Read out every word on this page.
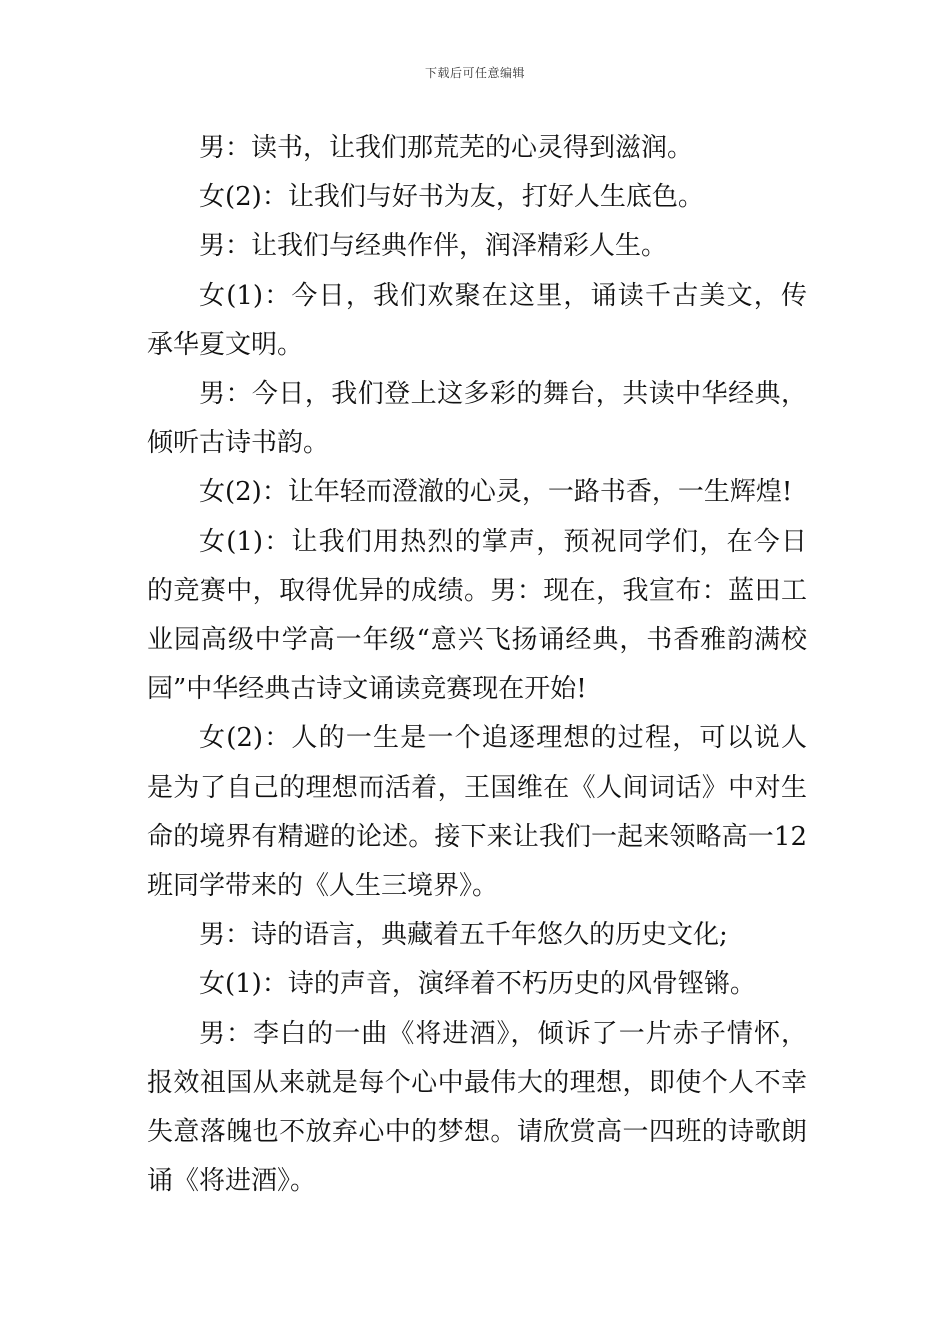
下载后可任意编辑

男：读书，让我们那荒芜的心灵得到滋润。

女(2)：让我们与好书为友，打好人生底色。

男：让我们与经典作伴，润泽精彩人生。

女(1)：今日，我们欢聚在这里，诵读千古美文，传承华夏文明。

男：今日，我们登上这多彩的舞台，共读中华经典，倾听古诗书韵。

女(2)：让年轻而澄澈的心灵，一路书香，一生辉煌!

女(1)：让我们用热烈的掌声，预祝同学们，在今日的竞赛中，取得优异的成绩。男：现在，我宣布：蓝田工业园高级中学高一年级“意兴飞扬诵经典，书香雅韵满校园”中华经典古诗文诵读竞赛现在开始!

女(2)：人的一生是一个追逐理想的过程，可以说人是为了自己的理想而活着，王国维在《人间词话》中对生命的境界有精避的论述。接下来让我们一起来领略高一12班同学带来的《人生三境界》。

男：诗的语言，典藏着五千年悠久的历史文化;

女(1)：诗的声音，演绎着不朽历史的风骨铿锵。

男：李白的一曲《将进酒》，倾诉了一片赤子情怀，报效祖国从来就是每个心中最伟大的理想，即使个人不幸失意落魄也不放弃心中的梦想。请欣赏高一四班的诗歌朗诵《将进酒》。
